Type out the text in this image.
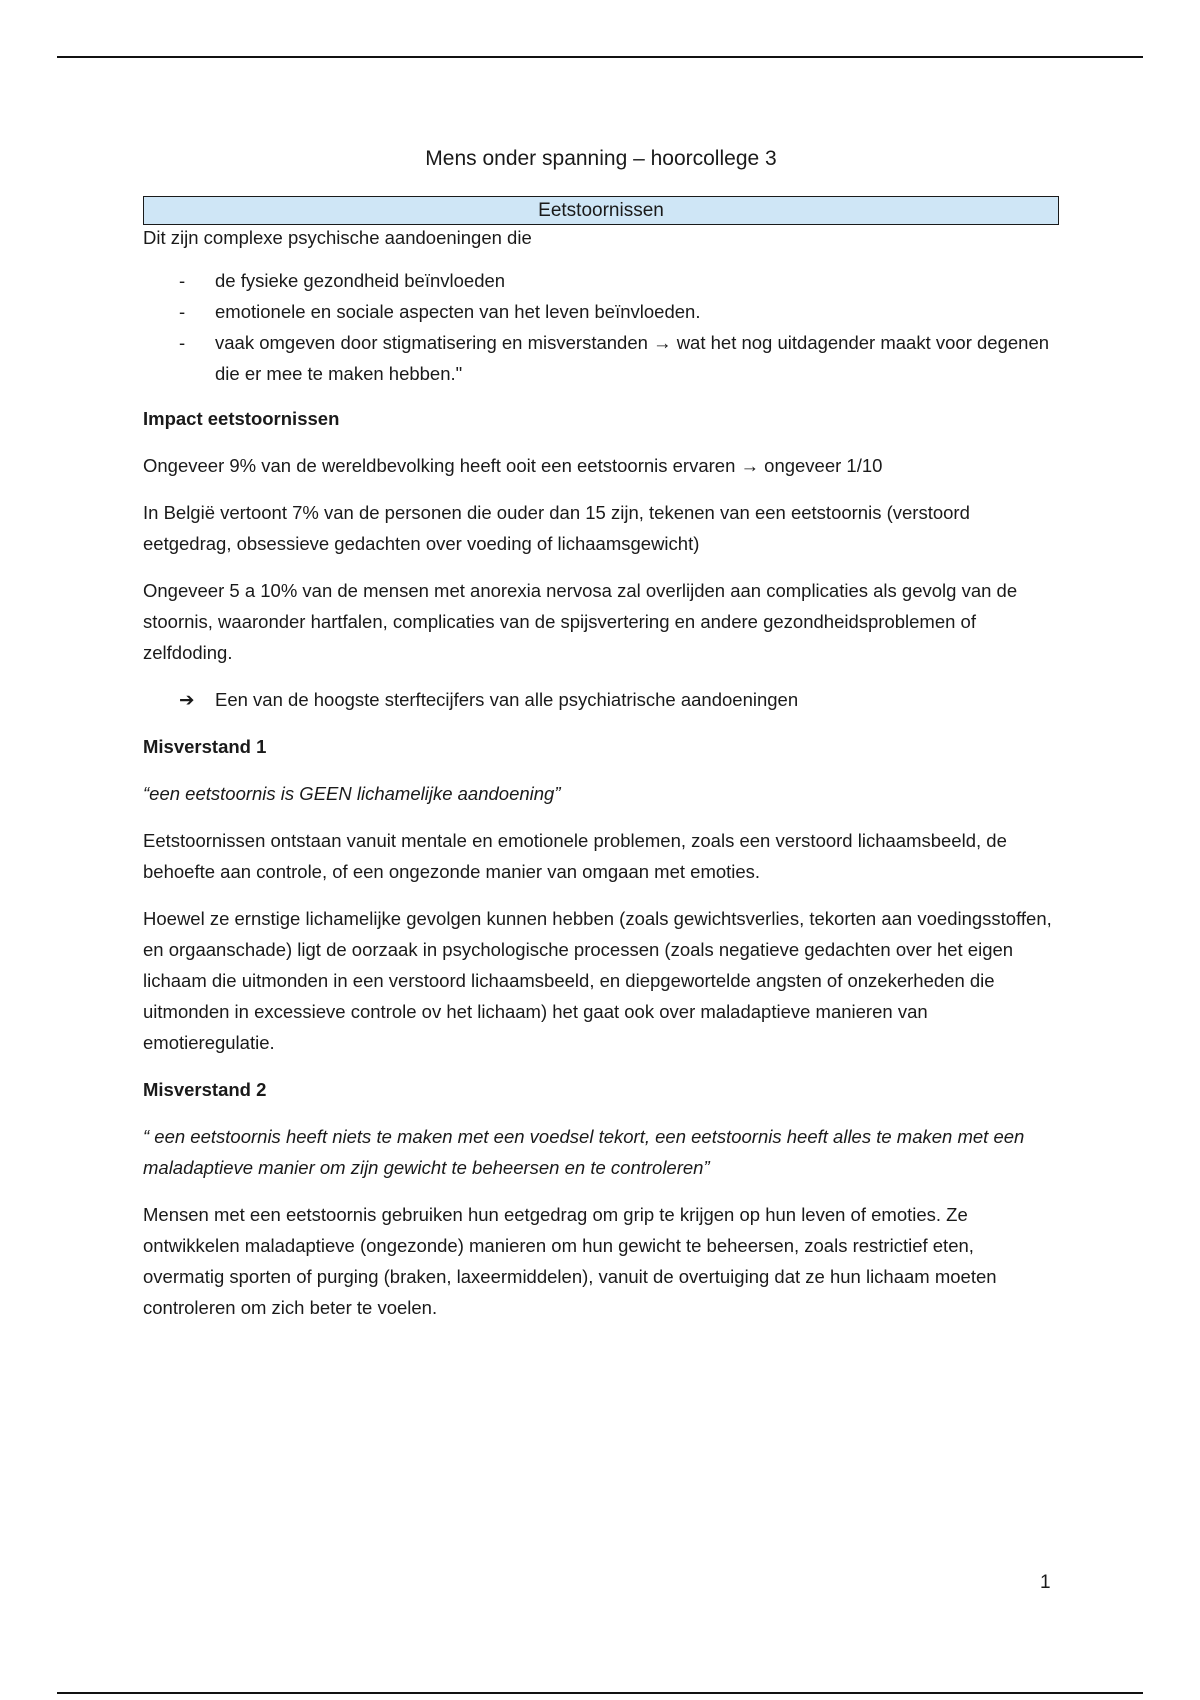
Mens onder spanning – hoorcollege 3
Eetstoornissen

Dit zijn complexe psychische aandoeningen die

- de fysieke gezondheid beïnvloeden
- emotionele en sociale aspecten van het leven beïnvloeden.
- vaak omgeven door stigmatisering en misverstanden → wat het nog uitdagender maakt voor degenen die er mee te maken hebben."
Impact eetstoornissen

Ongeveer 9% van de wereldbevolking heeft ooit een eetstoornis ervaren → ongeveer 1/10

In België vertoont 7% van de personen die ouder dan 15 zijn, tekenen van een eetstoornis (verstoord eetgedrag, obsessieve gedachten over voeding of lichaamsgewicht)

Ongeveer 5 a 10% van de mensen met anorexia nervosa zal overlijden aan complicaties als gevolg van de stoornis, waaronder hartfalen, complicaties van de spijsvertering en andere gezondheidsproblemen of zelfdoding.

➔ Een van de hoogste sterftecijfers van alle psychiatrische aandoeningen
Misverstand 1

“een eetstoornis is GEEN lichamelijke aandoening”

Eetstoornissen ontstaan vanuit mentale en emotionele problemen, zoals een verstoord lichaamsbeeld, de behoefte aan controle, of een ongezonde manier van omgaan met emoties.

Hoewel ze ernstige lichamelijke gevolgen kunnen hebben (zoals gewichtsverlies, tekorten aan voedingsstoffen, en orgaanschade) ligt de oorzaak in psychologische processen (zoals negatieve gedachten over het eigen lichaam die uitmonden in een verstoord lichaamsbeeld, en diepgewortelde angsten of onzekerheden die uitmonden in excessieve controle ov het lichaam) het gaat ook over maladaptieve manieren van emotieregulatie.

Misverstand 2

“ een eetstoornis heeft niets te maken met een voedsel tekort, een eetstoornis heeft alles te maken met een maladaptieve manier om zijn gewicht te beheersen en te controleren”

Mensen met een eetstoornis gebruiken hun eetgedrag om grip te krijgen op hun leven of emoties. Ze ontwikkelen maladaptieve (ongezonde) manieren om hun gewicht te beheersen, zoals restrictief eten, overmatig sporten of purging (braken, laxeermiddelen), vanuit de overtuiging dat ze hun lichaam moeten controleren om zich beter te voelen.

1
